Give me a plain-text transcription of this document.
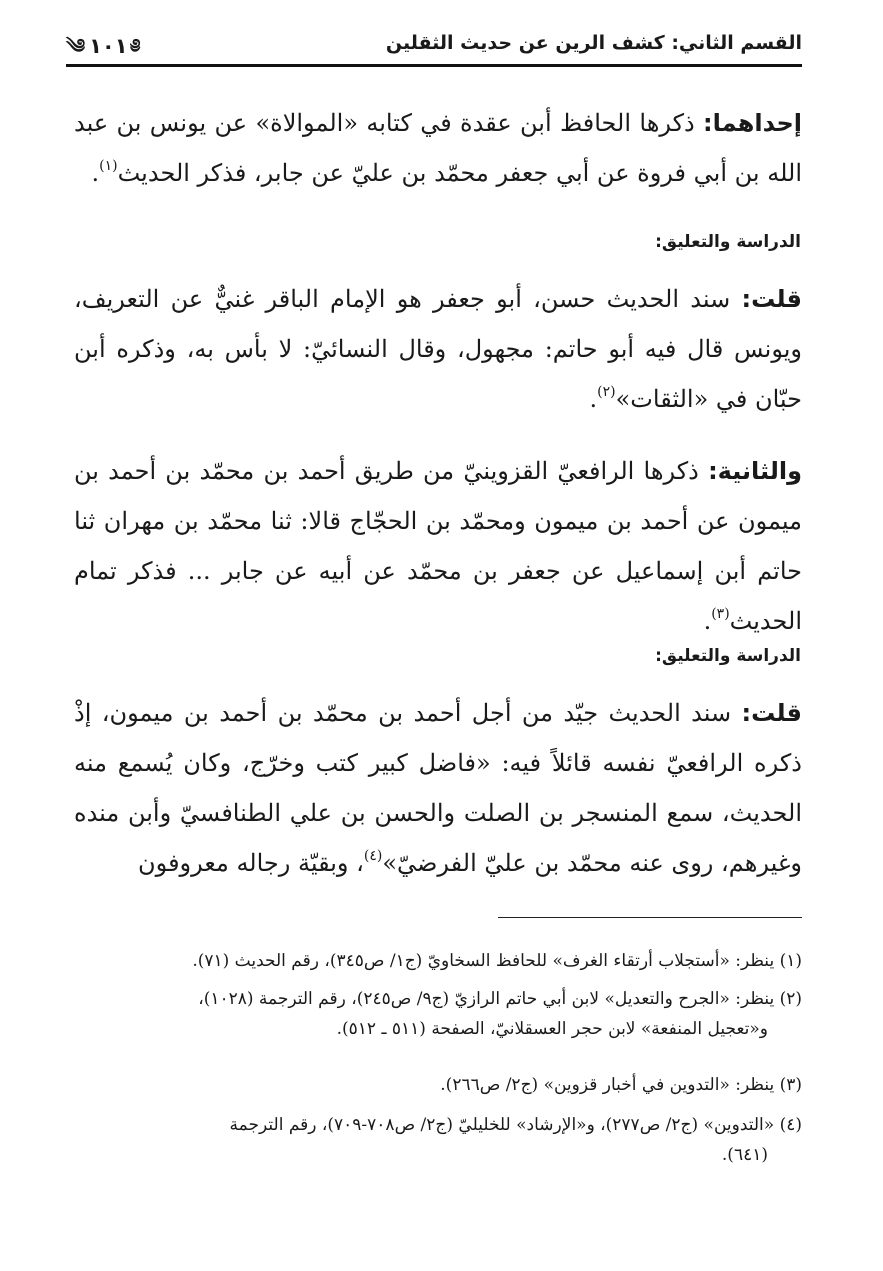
القسم الثاني: كشف الرين عن حديث الثقلين
༄ ١٠١ ༅
إحداهما: ذكرها الحافظ أبن عقدة في كتابه «الموالاة» عن يونس بن عبد الله بن أبي فروة عن أبي جعفر محمّد بن عليّ عن جابر، فذكر الحديث$^{(١)}$.
الدراسة والتعليق:
قلت: سند الحديث حسن، أبو جعفر هو الإمام الباقر غنيٌّ عن التعريف، ويونس قال فيه أبو حاتم: مجهول، وقال النسائيّ: لا بأس به، وذكره أبن حبّان في «الثقات»$^{(٢)}$.
والثانية: ذكرها الرافعيّ القزوينيّ من طريق أحمد بن محمّد بن أحمد بن ميمون عن أحمد بن ميمون ومحمّد بن الحجّاج قالا: ثنا محمّد بن مهران ثنا حاتم أبن إسماعيل عن جعفر بن محمّد عن أبيه عن جابر ... فذكر تمام الحديث$^{(٣)}$.
الدراسة والتعليق:
قلت: سند الحديث جيّد من أجل أحمد بن محمّد بن أحمد بن ميمون، إذْ ذكره الرافعيّ نفسه قائلاً فيه: «فاضل كبير كتب وخرّج، وكان يُسمع منه الحديث، سمع المنسجر بن الصلت والحسن بن علي الطنافسيّ وأبن منده وغيرهم، روى عنه محمّد بن عليّ الفرضيّ»$^{(٤)}$، وبقيّة رجاله معروفون
(١) ينظر: «أستجلاب أرتقاء الغرف» للحافظ السخاويّ (ج١/ ص٣٤٥)، رقم الحديث (٧١).
(٢) ينظر: «الجرح والتعديل» لابن أبي حاتم الرازيّ (ج٩/ ص٢٤٥)، رقم الترجمة (١٠٢٨)،
و«تعجيل المنفعة» لابن حجر العسقلانيّ، الصفحة (٥١١ ـ ٥١٢).
(٣) ينظر: «التدوين في أخبار قزوين» (ج٢/ ص٢٦٦).
(٤) «التدوين» (ج٢/ ص٢٧٧)، و«الإرشاد» للخليليّ (ج٢/ ص٧٠٨-٧٠٩)، رقم الترجمة
(٦٤١).
